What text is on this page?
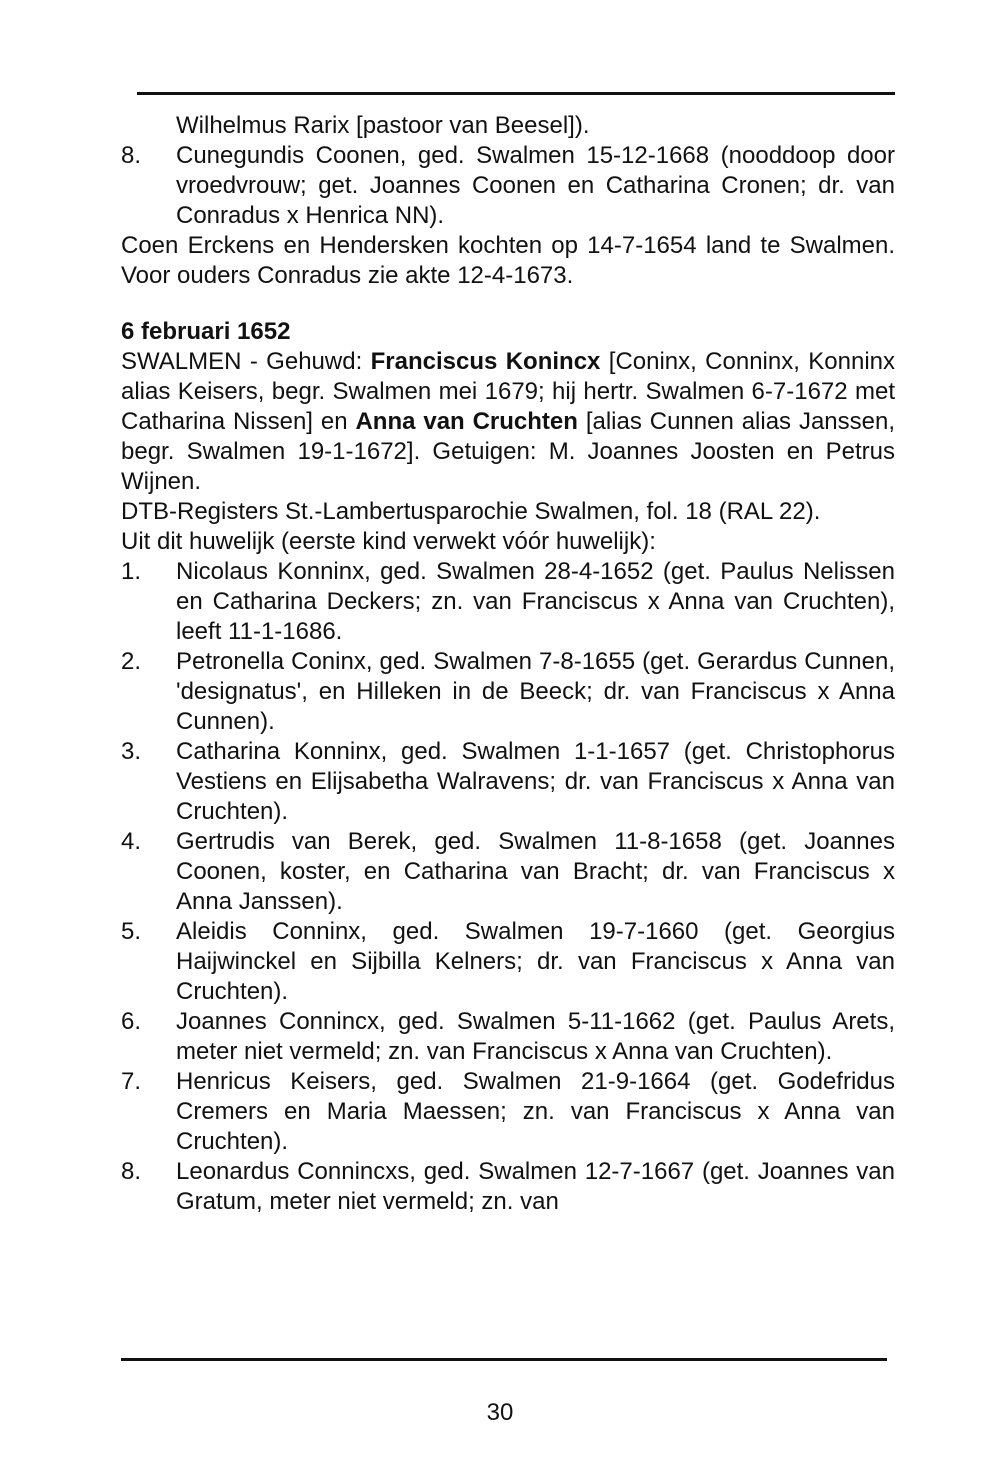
Wilhelmus Rarix [pastoor van Beesel]).

8. Cunegundis Coonen, ged. Swalmen 15-12-1668 (nooddoop door vroedvrouw; get. Joannes Coonen en Catharina Cronen; dr. van Conradus x Henrica NN).

Coen Erckens en Hendersken kochten op 14-7-1654 land te Swalmen. Voor ouders Conradus zie akte 12-4-1673.

6 februari 1652

SWALMEN - Gehuwd: Franciscus Konincx [Coninx, Conninx, Konninx alias Keisers, begr. Swalmen mei 1679; hij hertr. Swalmen 6-7-1672 met Catharina Nissen] en Anna van Cruchten [alias Cunnen alias Janssen, begr. Swalmen 19-1-1672]. Getuigen: M. Joannes Joosten en Petrus Wijnen.

DTB-Registers St.-Lambertusparochie Swalmen, fol. 18 (RAL 22).

Uit dit huwelijk (eerste kind verwekt vóór huwelijk):

1. Nicolaus Konninx, ged. Swalmen 28-4-1652 (get. Paulus Nelissen en Catharina Deckers; zn. van Franciscus x Anna van Cruchten), leeft 11-1-1686.

2. Petronella Coninx, ged. Swalmen 7-8-1655 (get. Gerardus Cunnen, 'designatus', en Hilleken in de Beeck; dr. van Franciscus x Anna Cunnen).

3. Catharina Konninx, ged. Swalmen 1-1-1657 (get. Christophorus Vestiens en Elijsabetha Walravens; dr. van Franciscus x Anna van Cruchten).

4. Gertrudis van Berek, ged. Swalmen 11-8-1658 (get. Joannes Coonen, koster, en Catharina van Bracht; dr. van Franciscus x Anna Janssen).

5. Aleidis Conninx, ged. Swalmen 19-7-1660 (get. Georgius Haijwinckel en Sijbilla Kelners; dr. van Franciscus x Anna van Cruchten).

6. Joannes Connincx, ged. Swalmen 5-11-1662 (get. Paulus Arets, meter niet vermeld; zn. van Franciscus x Anna van Cruchten).

7. Henricus Keisers, ged. Swalmen 21-9-1664 (get. Godefridus Cremers en Maria Maessen; zn. van Franciscus x Anna van Cruchten).

8. Leonardus Connincxs, ged. Swalmen 12-7-1667 (get. Joannes van Gratum, meter niet vermeld; zn. van

30
